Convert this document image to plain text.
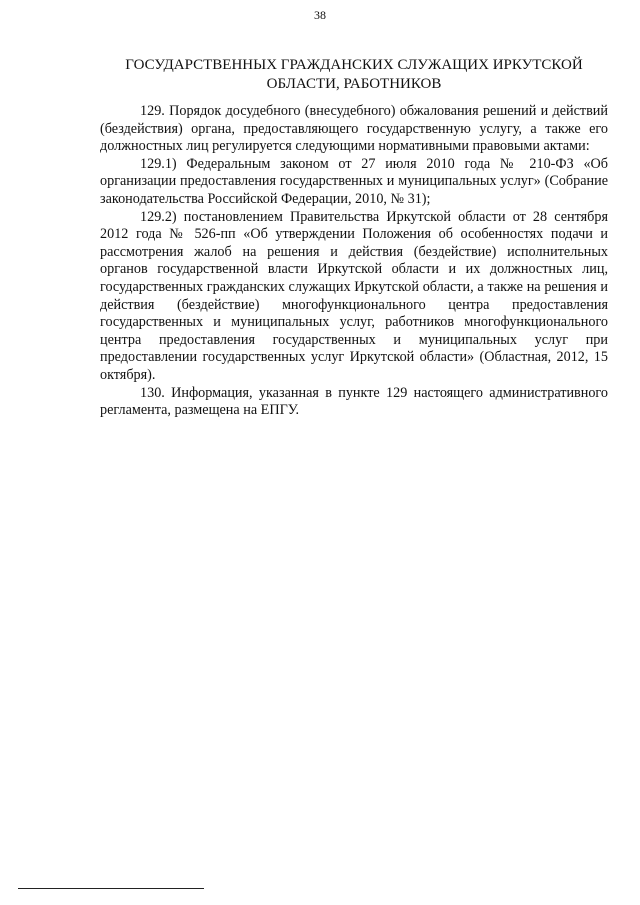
38
ГОСУДАРСТВЕННЫХ ГРАЖДАНСКИХ СЛУЖАЩИХ ИРКУТСКОЙ
ОБЛАСТИ, РАБОТНИКОВ

129. Порядок досудебного (внесудебного) обжалования решений и действий (бездействия) органа, предоставляющего государственную услугу, а также его должностных лиц регулируется следующими нормативными правовыми актами:

129.1) Федеральным законом от 27 июля 2010 года № 210-ФЗ «Об организации предоставления государственных и муниципальных услуг» (Собрание законодательства Российской Федерации, 2010, № 31);

129.2) постановлением Правительства Иркутской области от 28 сентября 2012 года № 526-пп «Об утверждении Положения об особенностях подачи и рассмотрения жалоб на решения и действия (бездействие) исполнительных органов государственной власти Иркутской области и их должностных лиц, государственных гражданских служащих Иркутской области, а также на решения и действия (бездействие) многофункционального центра предоставления государственных и муниципальных услуг, работников многофункционального центра предоставления государственных и муниципальных услуг при предоставлении государственных услуг Иркутской области» (Областная, 2012, 15 октября).

130. Информация, указанная в пункте 129 настоящего административного регламента, размещена на ЕПГУ.
